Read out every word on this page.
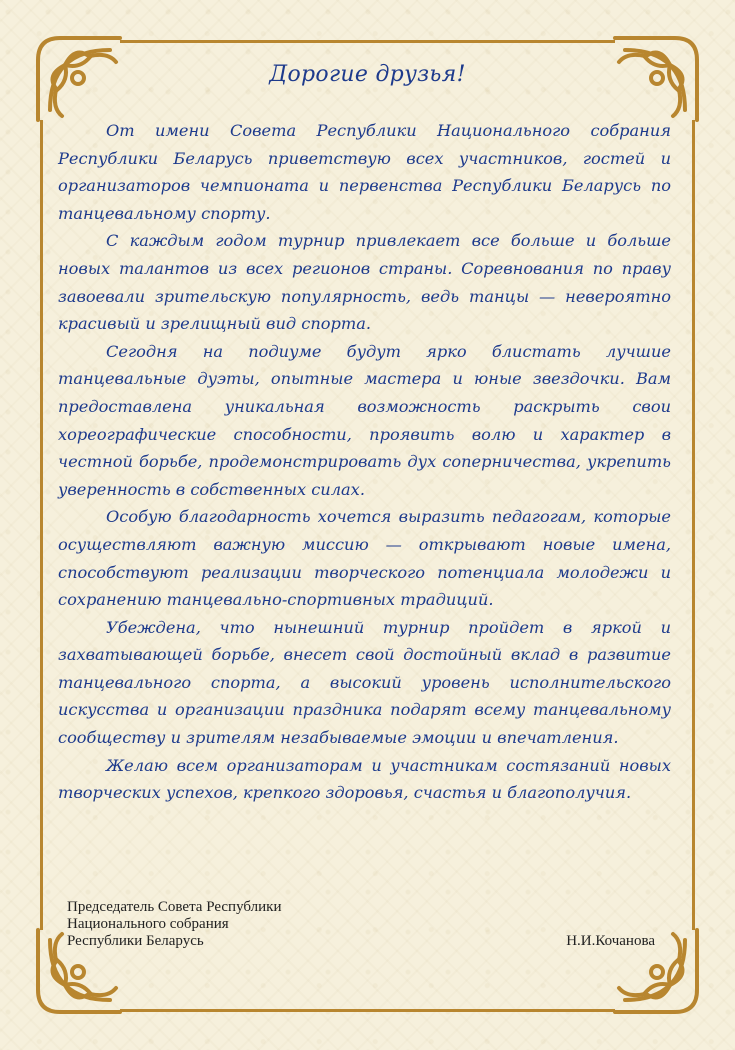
Дорогие друзья!

От имени Совета Республики Национального собрания Республики Беларусь приветствую всех участников, гостей и организаторов чемпионата и первенства Республики Беларусь по танцевальному спорту.

С каждым годом турнир привлекает все больше и больше новых талантов из всех регионов страны. Соревнования по праву завоевали зрительскую популярность, ведь танцы — невероятно красивый и зрелищный вид спорта.

Сегодня на подиуме будут ярко блистать лучшие танцевальные дуэты, опытные мастера и юные звездочки. Вам предоставлена уникальная возможность раскрыть свои хореографические способности, проявить волю и характер в честной борьбе, продемонстрировать дух соперничества, укрепить уверенность в собственных силах.

Особую благодарность хочется выразить педагогам, которые осуществляют важную миссию — открывают новые имена, способствуют реализации творческого потенциала молодежи и сохранению танцевально-спортивных традиций.

Убеждена, что нынешний турнир пройдет в яркой и захватывающей борьбе, внесет свой достойный вклад в развитие танцевального спорта, а высокий уровень исполнительского искусства и организации праздника подарят всему танцевальному сообществу и зрителям незабываемые эмоции и впечатления.

Желаю всем организаторам и участникам состязаний новых творческих успехов, крепкого здоровья, счастья и благополучия.

Председатель Совета Республики
Национального собрания
Республики Беларусь	Н.И.Кочанова
